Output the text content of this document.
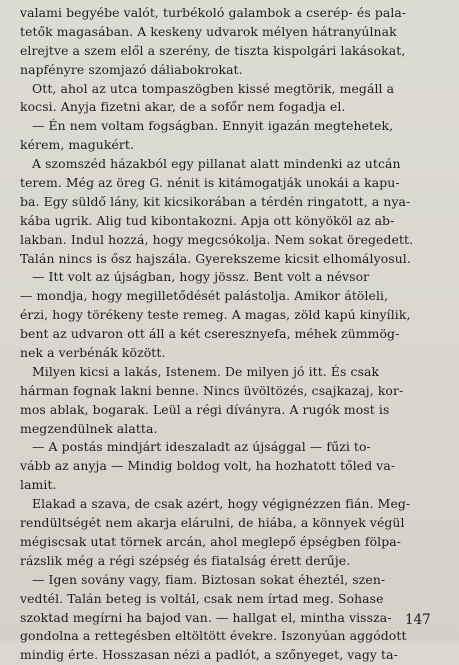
valami begyébe valót, turbékoló galambok a cserép- és pala-
tetők magasában. A keskeny udvarok mélyen hátranyúlnak
elrejtve a szem elől a szerény, de tiszta kispolgári lakásokat,
napfényre szomjazó dáliabokrokat.
Ott, ahol az utca tompaszögben kissé megtörik, megáll a
kocsi. Anyja fizetni akar, de a sofőr nem fogadja el.
— Én nem voltam fogságban. Ennyit igazán megtehetek,
kérem, magukért.
A szomszéd házakból egy pillanat alatt mindenki az utcán
terem. Még az öreg G. nénit is kitámogatják unokái a kapu-
ba. Egy süldő lány, kit kicsikorában a térdén ringatott, a nya-
kába ugrik. Alig tud kibontakozni. Apja ott könyököl az ab-
lakban. Indul hozzá, hogy megcsókolja. Nem sokat öregedett.
Talán nincs is ősz hajszála. Gyerekszeme kicsit elhomályosul.
— Itt volt az újságban, hogy jössz. Bent volt a névsor
— mondja, hogy megilletődését palástolja. Amikor átöleli,
érzi, hogy törékeny teste remeg. A magas, zöld kapú kinyílik,
bent az udvaron ott áll a két cseresznyefa, méhek zümmög-
nek a verbénák között.
Milyen kicsi a lakás, Istenem. De milyen jó itt. És csak
hárman fognak lakni benne. Nincs üvöltözés, csajkazaj, kor-
mos ablak, bogarak. Leül a régi díványra. A rugók most is
megzendülnek alatta.
— A postás mindjárt ideszaladt az újsággal — fűzi to-
vább az anyja — Mindig boldog volt, ha hozhatott tőled va-
lamit.
Elakad a szava, de csak azért, hogy végignézzen fián. Meg-
rendültségét nem akarja elárulni, de hiába, a könnyek végül
mégiscsak utat törnek arcán, ahol meglepő épségben fölpa-
rázslik még a régi szépség és fiatalság érett derűje.
— Igen sovány vagy, fiam. Biztosan sokat éheztél, szen-
vedtél. Talán beteg is voltál, csak nem írtad meg. Sohase
szoktad megírni ha bajod van. — hallgat el, mintha vissza-
gondolna a rettegésben eltöltött évekre. Iszonyúan aggódott
mindig érte. Hosszasan nézi a padlót, a szőnyeget, vagy ta-
147
